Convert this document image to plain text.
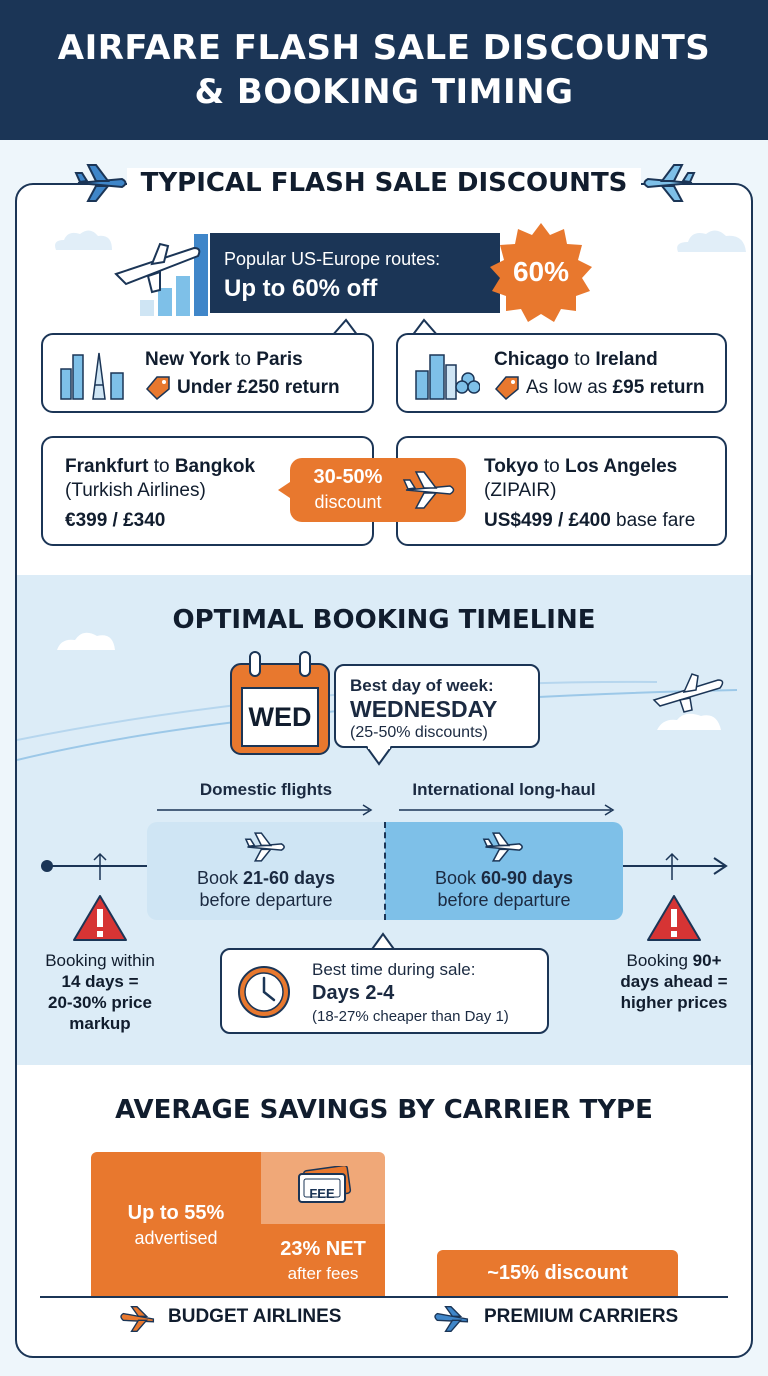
AIRFARE FLASH SALE DISCOUNTS
& BOOKING TIMING
TYPICAL FLASH SALE DISCOUNTS
Popular US-Europe routes:
Up to 60% off
60%
New York to Paris
Under £250 return
Chicago to Ireland
As low as £95 return
Frankfurt to Bangkok
(Turkish Airlines)
€399 / £340
Tokyo to Los Angeles
(ZIPAIR)
US$499 / £400 base fare
30-50%
discount
OPTIMAL BOOKING TIMELINE
WED
Best day of week:
WEDNESDAY
(25-50% discounts)
Domestic flights	International long-haul
Book 21-60 days
before departure
Book 60-90 days
before departure
Booking within
14 days =
20-30% price
markup
Booking 90+
days ahead =
higher prices
Best time during sale:
Days 2-4
(18-27% cheaper than Day 1)
AVERAGE SAVINGS BY CARRIER TYPE
Up to 55%
advertised
FEE
23% NET
after fees	~15% discount
BUDGET AIRLINES	PREMIUM CARRIERS
